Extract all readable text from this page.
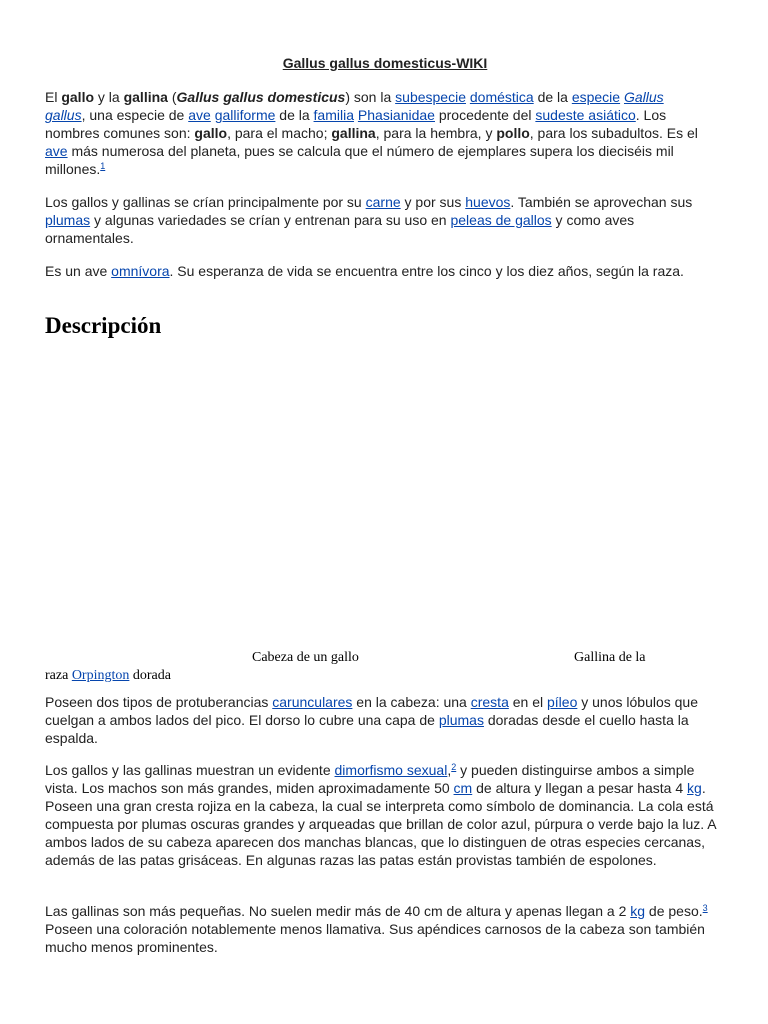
Gallus gallus domesticus-WIKI

El gallo y la gallina (Gallus gallus domesticus) son la subespecie doméstica de la especie Gallus
gallus, una especie de ave galliforme de la familia Phasianidae procedente del sudeste asiático. Los nombres comunes son: gallo, para el macho; gallina, para la hembra, y pollo, para los subadultos. Es el ave más numerosa del planeta, pues se calcula que el número de ejemplares supera los dieciséis mil millones.$^1$

Los gallos y gallinas se crían principalmente por su carne y por sus huevos. También se aprovechan sus plumas y algunas variedades se crían y entrenan para su uso en peleas de gallos y como aves ornamentales.

Es un ave omnívora. Su esperanza de vida se encuentra entre los cinco y los diez años, según la raza.

Descripción
Cabeza de un gallo	Gallina de la
raza Orpington dorada

Poseen dos tipos de protuberancias carunculares en la cabeza: una cresta en el píleo y unos lóbulos que cuelgan a ambos lados del pico. El dorso lo cubre una capa de plumas doradas desde el cuello hasta la espalda.

Los gallos y las gallinas muestran un evidente dimorfismo sexual,$^2$ y pueden distinguirse ambos a simple vista. Los machos son más grandes, miden aproximadamente 50 cm de altura y llegan a pesar hasta 4 kg. Poseen una gran cresta rojiza en la cabeza, la cual se interpreta como símbolo de dominancia. La cola está compuesta por plumas oscuras grandes y arqueadas que brillan de color azul, púrpura o verde bajo la luz. A ambos lados de su cabeza aparecen dos manchas blancas, que lo distinguen de otras especies cercanas, además de las patas grisáceas. En algunas razas las patas están provistas también de espolones.

Las gallinas son más pequeñas. No suelen medir más de 40 cm de altura y apenas llegan a 2 kg de peso.$^3$ Poseen una coloración notablemente menos llamativa. Sus apéndices carnosos de la cabeza son también mucho menos prominentes.
